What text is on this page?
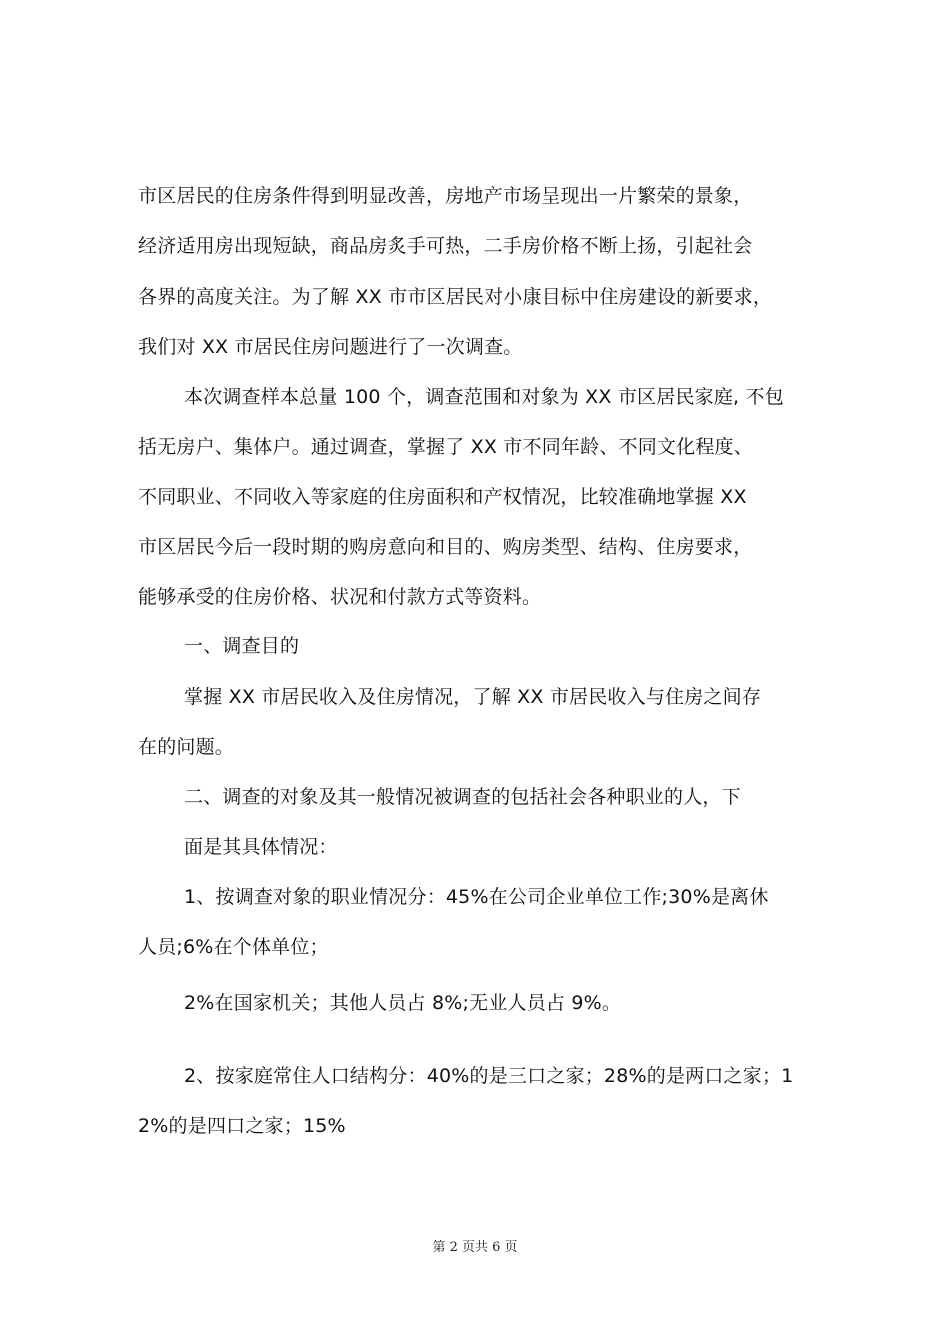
市区居民的住房条件得到明显改善，房地产市场呈现出一片繁荣的景象，
经济适用房出现短缺，商品房炙手可热，二手房价格不断上扬，引起社会
各界的高度关注。为了解 XX 市市区居民对小康目标中住房建设的新要求，
我们对 XX 市居民住房问题进行了一次调查。
本次调查样本总量 100 个，调查范围和对象为 XX 市区居民家庭, 不包
括无房户、集体户。通过调查，掌握了 XX 市不同年龄、不同文化程度、
不同职业、不同收入等家庭的住房面积和产权情况，比较准确地掌握 XX
市区居民今后一段时期的购房意向和目的、购房类型、结构、住房要求，
能够承受的住房价格、状况和付款方式等资料。
一、调查目的
掌握 XX 市居民收入及住房情况，了解 XX 市居民收入与住房之间存
在的问题。
二、调查的对象及其一般情况被调查的包括社会各种职业的人，下
面是其具体情况：
1、按调查对象的职业情况分：45%在公司企业单位工作;30%是离休
人员;6%在个体单位；
2%在国家机关；其他人员占 8%;无业人员占 9%。
2、按家庭常住人口结构分：40%的是三口之家；28%的是两口之家；1
2%的是四口之家；15%
第 2 页共 6 页
